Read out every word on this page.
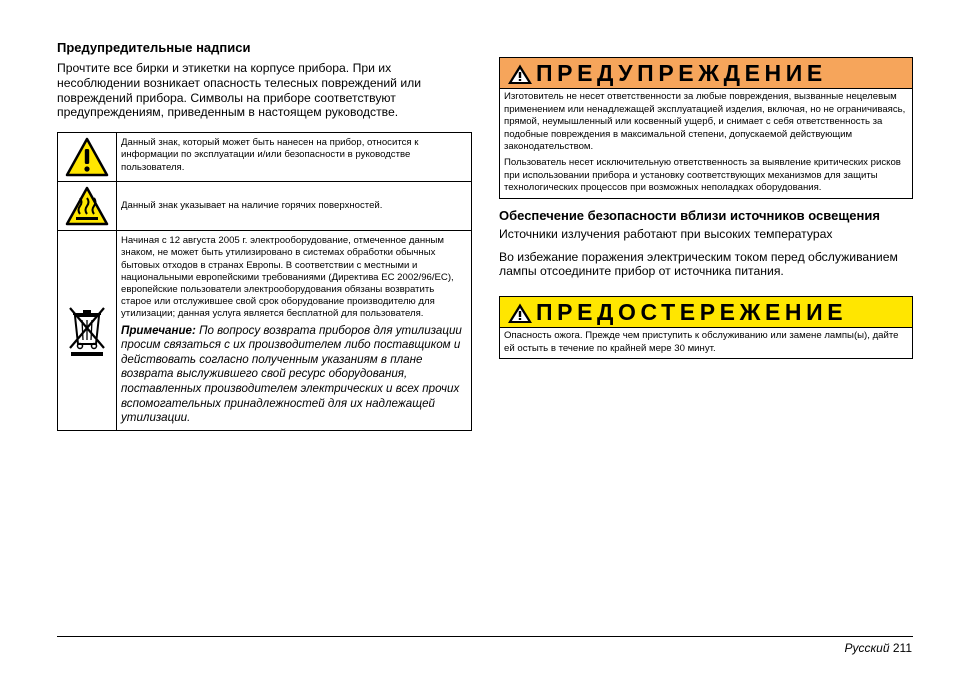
Предупредительные надписи

Прочтите все бирки и этикетки на корпусе прибора. При их несоблюдении возникает опасность телесных повреждений или повреждений прибора. Символы на приборе соответствуют предупреждениям, приведенным в настоящем руководстве.

	Данный знак, который может быть нанесен на прибор, относится к информации по эксплуатации и/или безопасности в руководстве пользователя.

	Данный знак указывает на наличие горячих поверхностей.

Начиная с 12 августа 2005 г. электрооборудование, отмеченное данным знаком, не может быть утилизировано в системах обработки обычных бытовых отходов в странах Европы. В соответствии с местными и национальными европейскими требованиями (Директива ЕС 2002/96/EC), европейские пользователи электрооборудования обязаны возвратить старое или отслужившее свой срок оборудование производителю для утилизации; данная услуга является бесплатной для пользователя.
Примечание: По вопросу возврата приборов для утилизации просим связаться с их производителем либо поставщиком и действовать согласно полученным указаниям в плане возврата выслужившего свой ресурс оборудования, поставленных производителем электрических и всех прочих вспомогательных принадлежностей для их надлежащей утилизации.
ПРЕДУПРЕЖДЕНИЕ

Изготовитель не несет ответственности за любые повреждения, вызванные нецелевым применением или ненадлежащей эксплуатацией изделия, включая, но не ограничиваясь, прямой, неумышленный или косвенный ущерб, и снимает с себя ответственность за подобные повреждения в максимальной степени, допускаемой действующим законодательством.

Пользователь несет исключительную ответственность за выявление критических рисков при использовании прибора и установку соответствующих механизмов для защиты технологических процессов при возможных неполадках оборудования.

Обеспечение безопасности вблизи источников освещения

Источники излучения работают при высоких температурах

Во избежание поражения электрическим током перед обслуживанием лампы отсоедините прибор от источника питания.

ПРЕДОСТЕРЕЖЕНИЕ

Опасность ожога. Прежде чем приступить к обслуживанию или замене лампы(ы), дайте ей остыть в течение по крайней мере 30 минут.

Русский 211
